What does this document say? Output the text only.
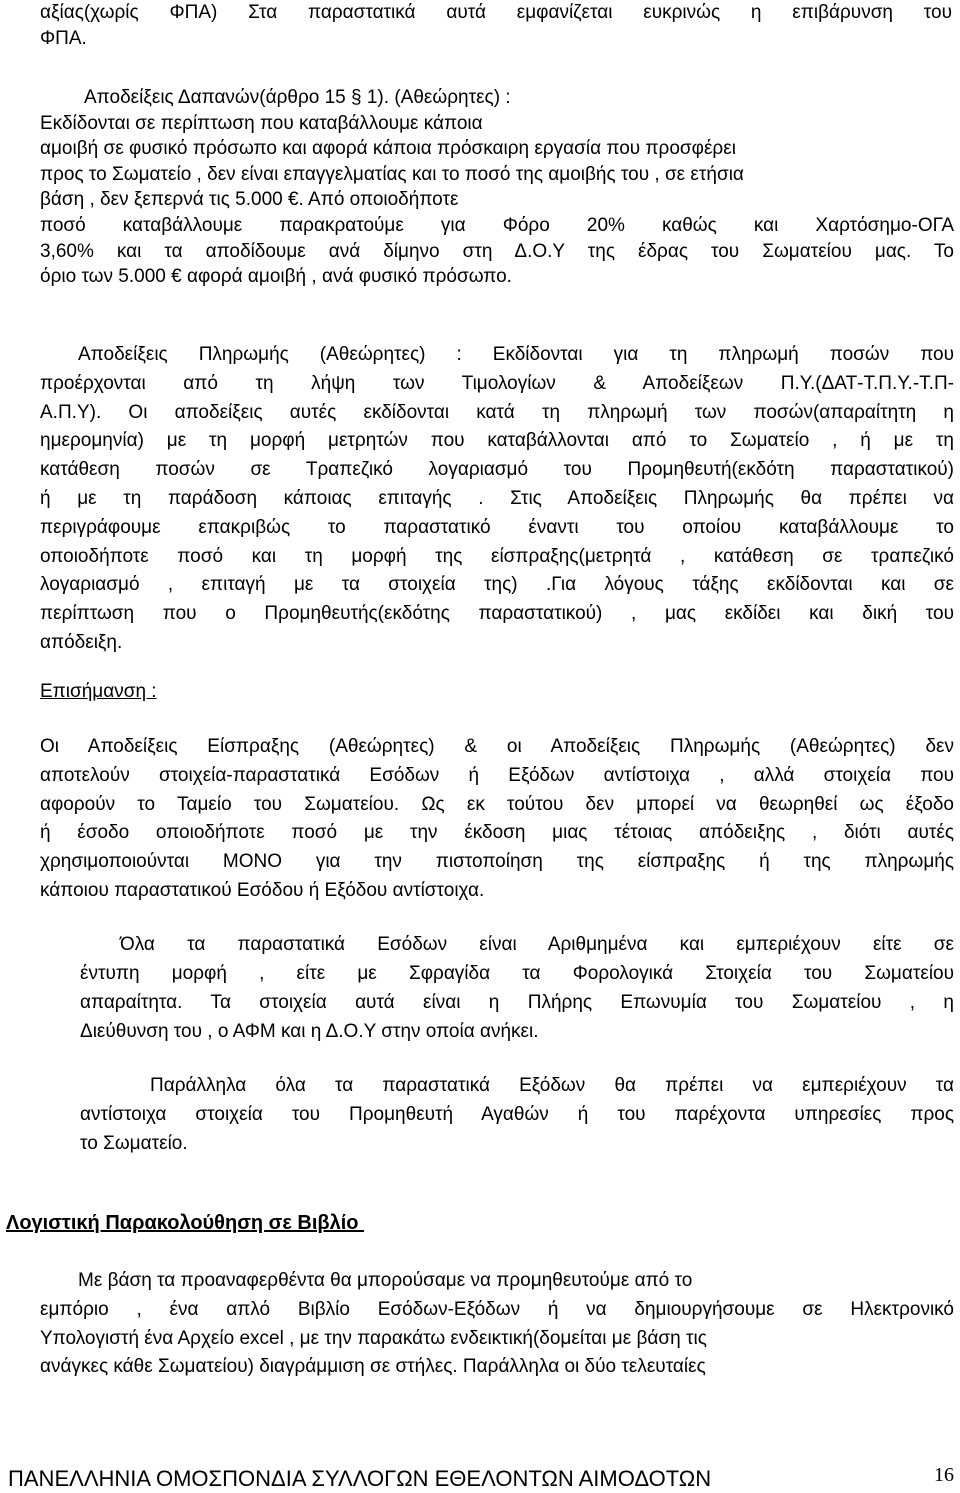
αξίας(χωρίς ΦΠΑ) Στα παραστατικά αυτά εμφανίζεται ευκρινώς η επιβάρυνση του
ΦΠΑ.
Αποδείξεις Δαπανών(άρθρο 15 § 1). (Αθεώρητες) :
Εκδίδονται σε περίπτωση που καταβάλλουμε κάποια
αμοιβή σε φυσικό πρόσωπο και αφορά κάποια πρόσκαιρη εργασία που προσφέρει
προς το Σωματείο , δεν είναι επαγγελματίας και το ποσό της αμοιβής του , σε ετήσια
βάση , δεν ξεπερνά τις 5.000 €. Από οποιοδήποτε
ποσό καταβάλλουμε παρακρατούμε για Φόρο 20% καθώς και Χαρτόσημο-ΟΓΑ
3,60% και τα αποδίδουμε ανά δίμηνο στη Δ.Ο.Υ της έδρας του Σωματείου μας. Το
όριο των 5.000 € αφορά αμοιβή , ανά φυσικό πρόσωπο.
Αποδείξεις Πληρωμής (Αθεώρητες) : Εκδίδονται για τη πληρωμή ποσών που
προέρχονται από τη λήψη των Τιμολογίων & Αποδείξεων Π.Υ.(ΔΑΤ-Τ.Π.Υ.-Τ.Π-
Α.Π.Υ). Οι αποδείξεις αυτές εκδίδονται κατά τη πληρωμή των ποσών(απαραίτητη η
ημερομηνία) με τη μορφή μετρητών που καταβάλλονται από το Σωματείο , ή με τη
κατάθεση ποσών σε Τραπεζικό λογαριασμό του Προμηθευτή(εκδότη παραστατικού)
ή με τη παράδοση κάποιας επιταγής . Στις Αποδείξεις Πληρωμής θα πρέπει να
περιγράφουμε επακριβώς το παραστατικό έναντι του οποίου καταβάλλουμε το
οποιοδήποτε ποσό και τη μορφή της είσπραξης(μετρητά , κατάθεση σε τραπεζικό
λογαριασμό , επιταγή με τα στοιχεία της) .Για λόγους τάξης εκδίδονται και σε
περίπτωση που ο Προμηθευτής(εκδότης παραστατικού) , μας εκδίδει και δική του
απόδειξη.
Επισήμανση :
Οι Αποδείξεις Είσπραξης (Αθεώρητες) & οι Αποδείξεις Πληρωμής (Αθεώρητες) δεν
αποτελούν στοιχεία-παραστατικά Εσόδων ή Εξόδων αντίστοιχα , αλλά στοιχεία που
αφορούν το Ταμείο του Σωματείου. Ως εκ τούτου δεν μπορεί να θεωρηθεί ως έξοδο
ή έσοδο οποιοδήποτε ποσό με την έκδοση μιας τέτοιας απόδειξης , διότι αυτές
χρησιμοποιούνται ΜΟΝΟ για την πιστοποίηση της είσπραξης ή της πληρωμής
κάποιου παραστατικού Εσόδου ή Εξόδου αντίστοιχα.
Όλα τα παραστατικά Εσόδων είναι Αριθμημένα και εμπεριέχουν είτε σε
έντυπη μορφή , είτε με Σφραγίδα τα Φορολογικά Στοιχεία του Σωματείου
απαραίτητα. Τα στοιχεία αυτά είναι η Πλήρης Επωνυμία του Σωματείου , η
Διεύθυνση του , ο ΑΦΜ και η Δ.Ο.Υ στην οποία ανήκει.
Παράλληλα όλα τα παραστατικά Εξόδων θα πρέπει να εμπεριέχουν τα
αντίστοιχα στοιχεία του Προμηθευτή Αγαθών ή του παρέχοντα υπηρεσίες προς
το Σωματείο.
Λογιστική Παρακολούθηση σε Βιβλίο
Με βάση τα προαναφερθέντα θα μπορούσαμε να προμηθευτούμε από το
εμπόριο , ένα απλό Βιβλίο Εσόδων-Εξόδων ή να δημιουργήσουμε σε Ηλεκτρονικό
Υπολογιστή ένα Αρχείο excel , με την παρακάτω ενδεικτική(δομείται με βάση τις
ανάγκες κάθε Σωματείου) διαγράμμιση σε στήλες. Παράλληλα οι δύο τελευταίες
ΠΑΝΕΛΛΗΝΙΑ ΟΜΟΣΠΟΝΔΙΑ ΣΥΛΛΟΓΩΝ ΕΘΕΛΟΝΤΩΝ ΑΙΜΟΔΟΤΩΝ	16
